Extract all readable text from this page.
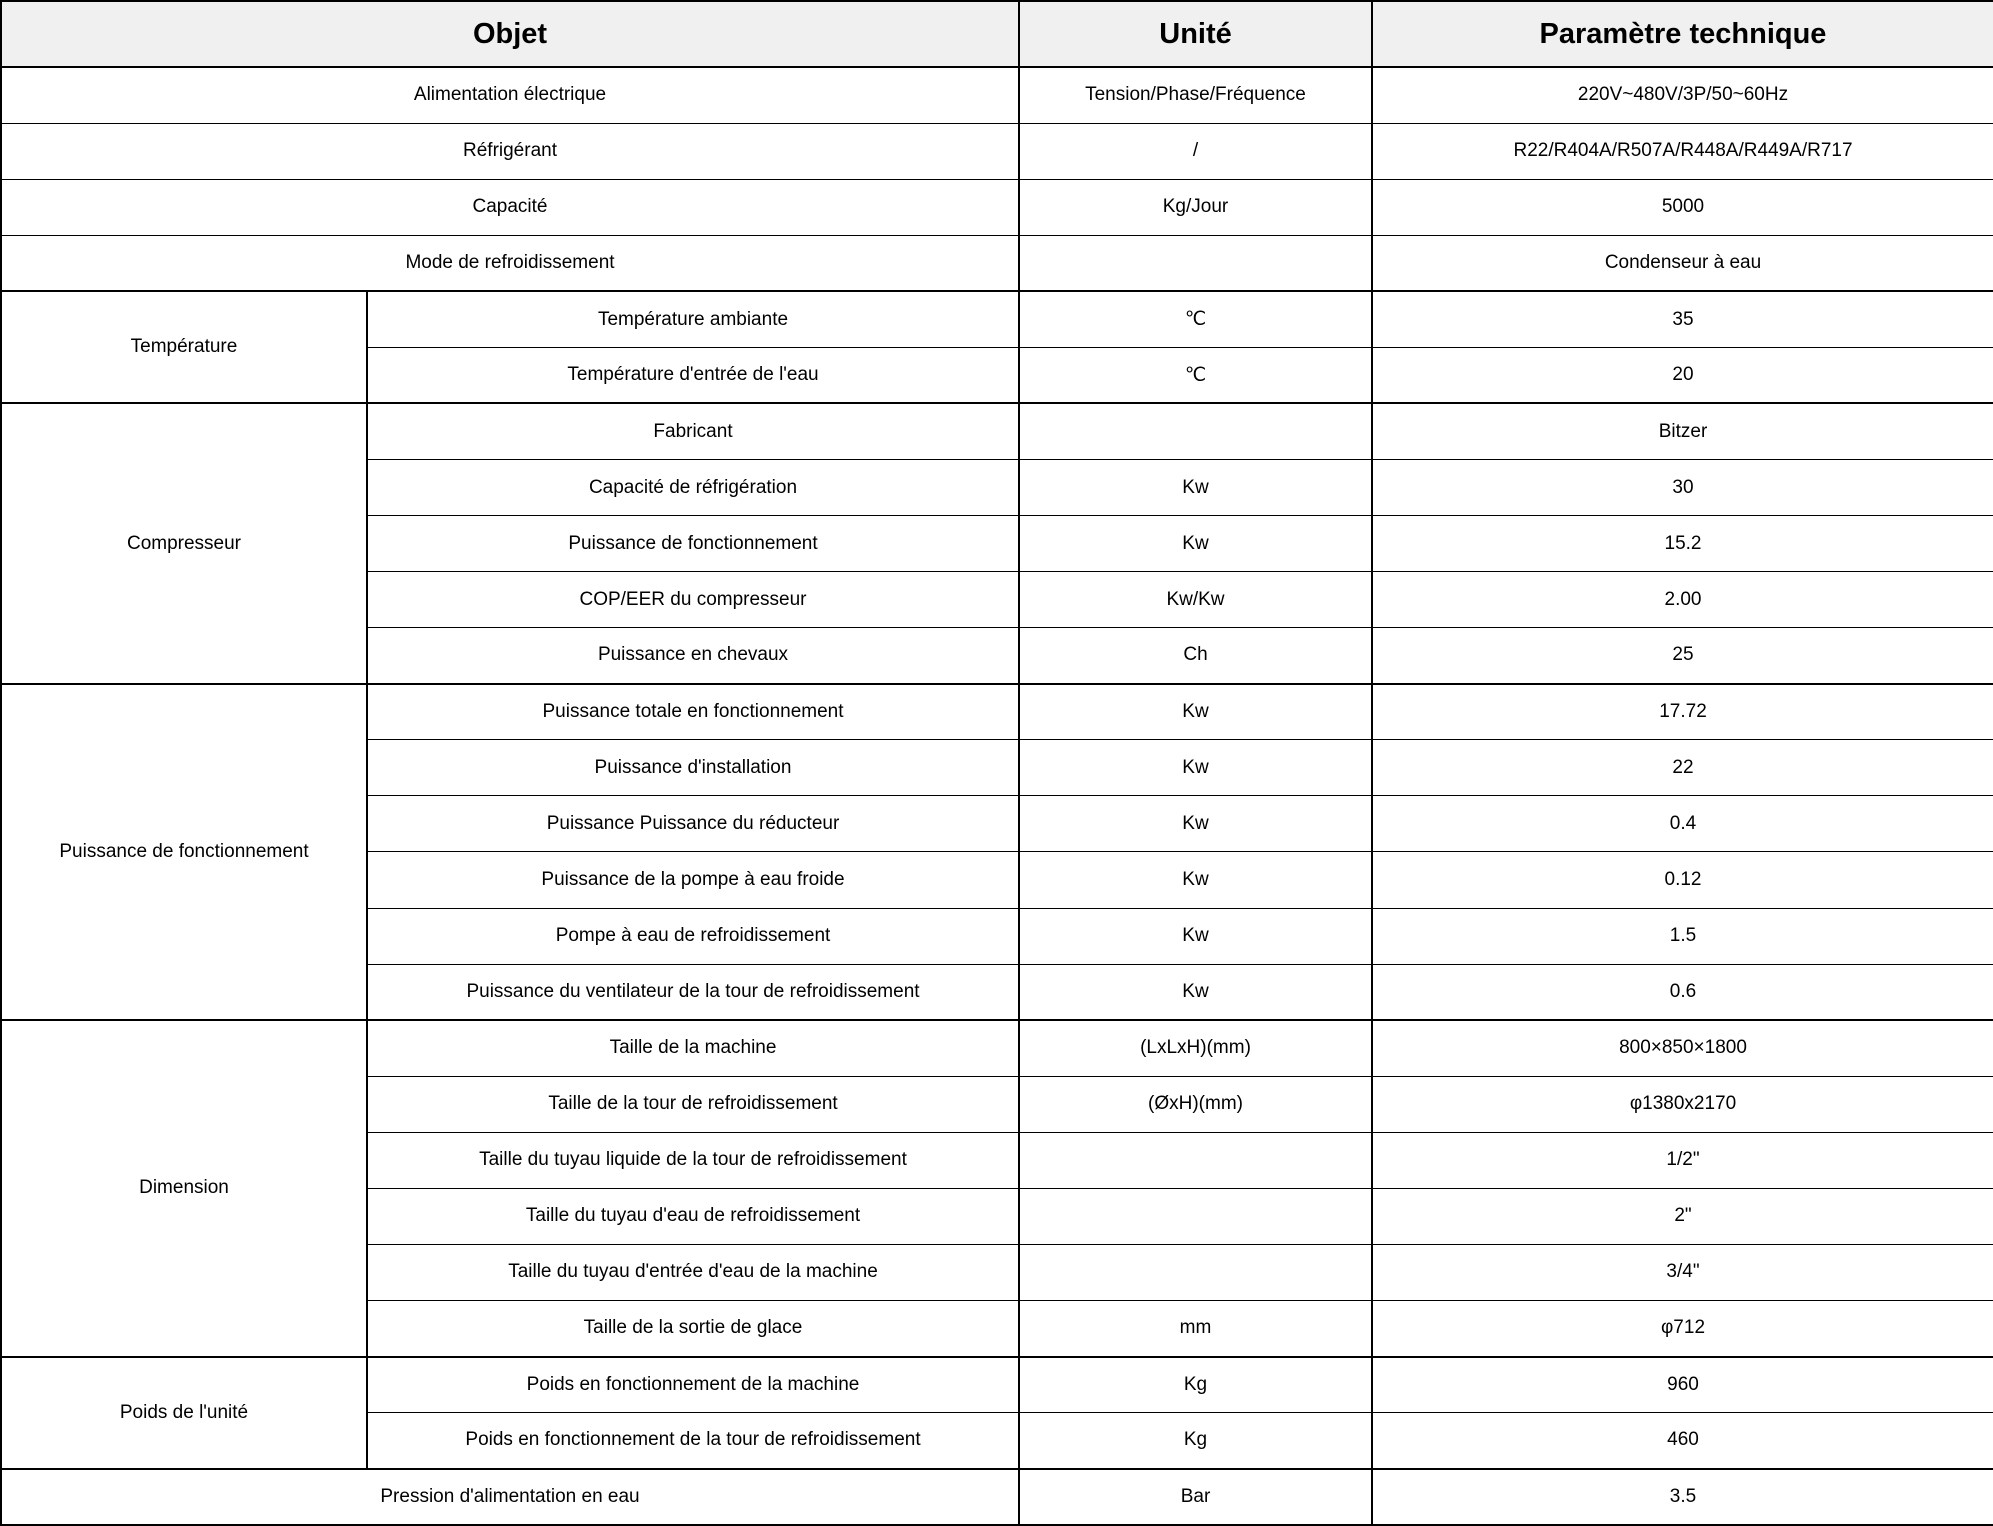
Objet		Unité	Paramètre technique
Alimentation électrique		Tension/Phase/Fréquence	220V~480V/3P/50~60Hz
Réfrigérant		/	R22/R404A/R507A/R448A/R449A/R717
Capacité		Kg/Jour	5000
Mode de refroidissement			Condenseur à eau
Température	Température ambiante	℃	35
	Température d'entrée de l'eau	℃	20
Compresseur	Fabricant		Bitzer
	Capacité de réfrigération	Kw	30
	Puissance de fonctionnement	Kw	15.2
	COP/EER du compresseur	Kw/Kw	2.00
	Puissance en chevaux	Ch	25
Puissance de fonctionnement	Puissance totale en fonctionnement	Kw	17.72
	Puissance d'installation	Kw	22
	Puissance Puissance du réducteur	Kw	0.4
	Puissance de la pompe à eau froide	Kw	0.12
	Pompe à eau de refroidissement	Kw	1.5
	Puissance du ventilateur de la tour de refroidissement	Kw	0.6
Dimension	Taille de la machine	(LxLxH)(mm)	800×850×1800
	Taille de la tour de refroidissement	(ØxH)(mm)	φ1380x2170
	Taille du tuyau liquide de la tour de refroidissement		1/2"
	Taille du tuyau d'eau de refroidissement		2"
	Taille du tuyau d'entrée d'eau de la machine		3/4"
	Taille de la sortie de glace	mm	φ712
Poids de l'unité	Poids en fonctionnement de la machine	Kg	960
	Poids en fonctionnement de la tour de refroidissement	Kg	460
Pression d'alimentation en eau		Bar	3.5
